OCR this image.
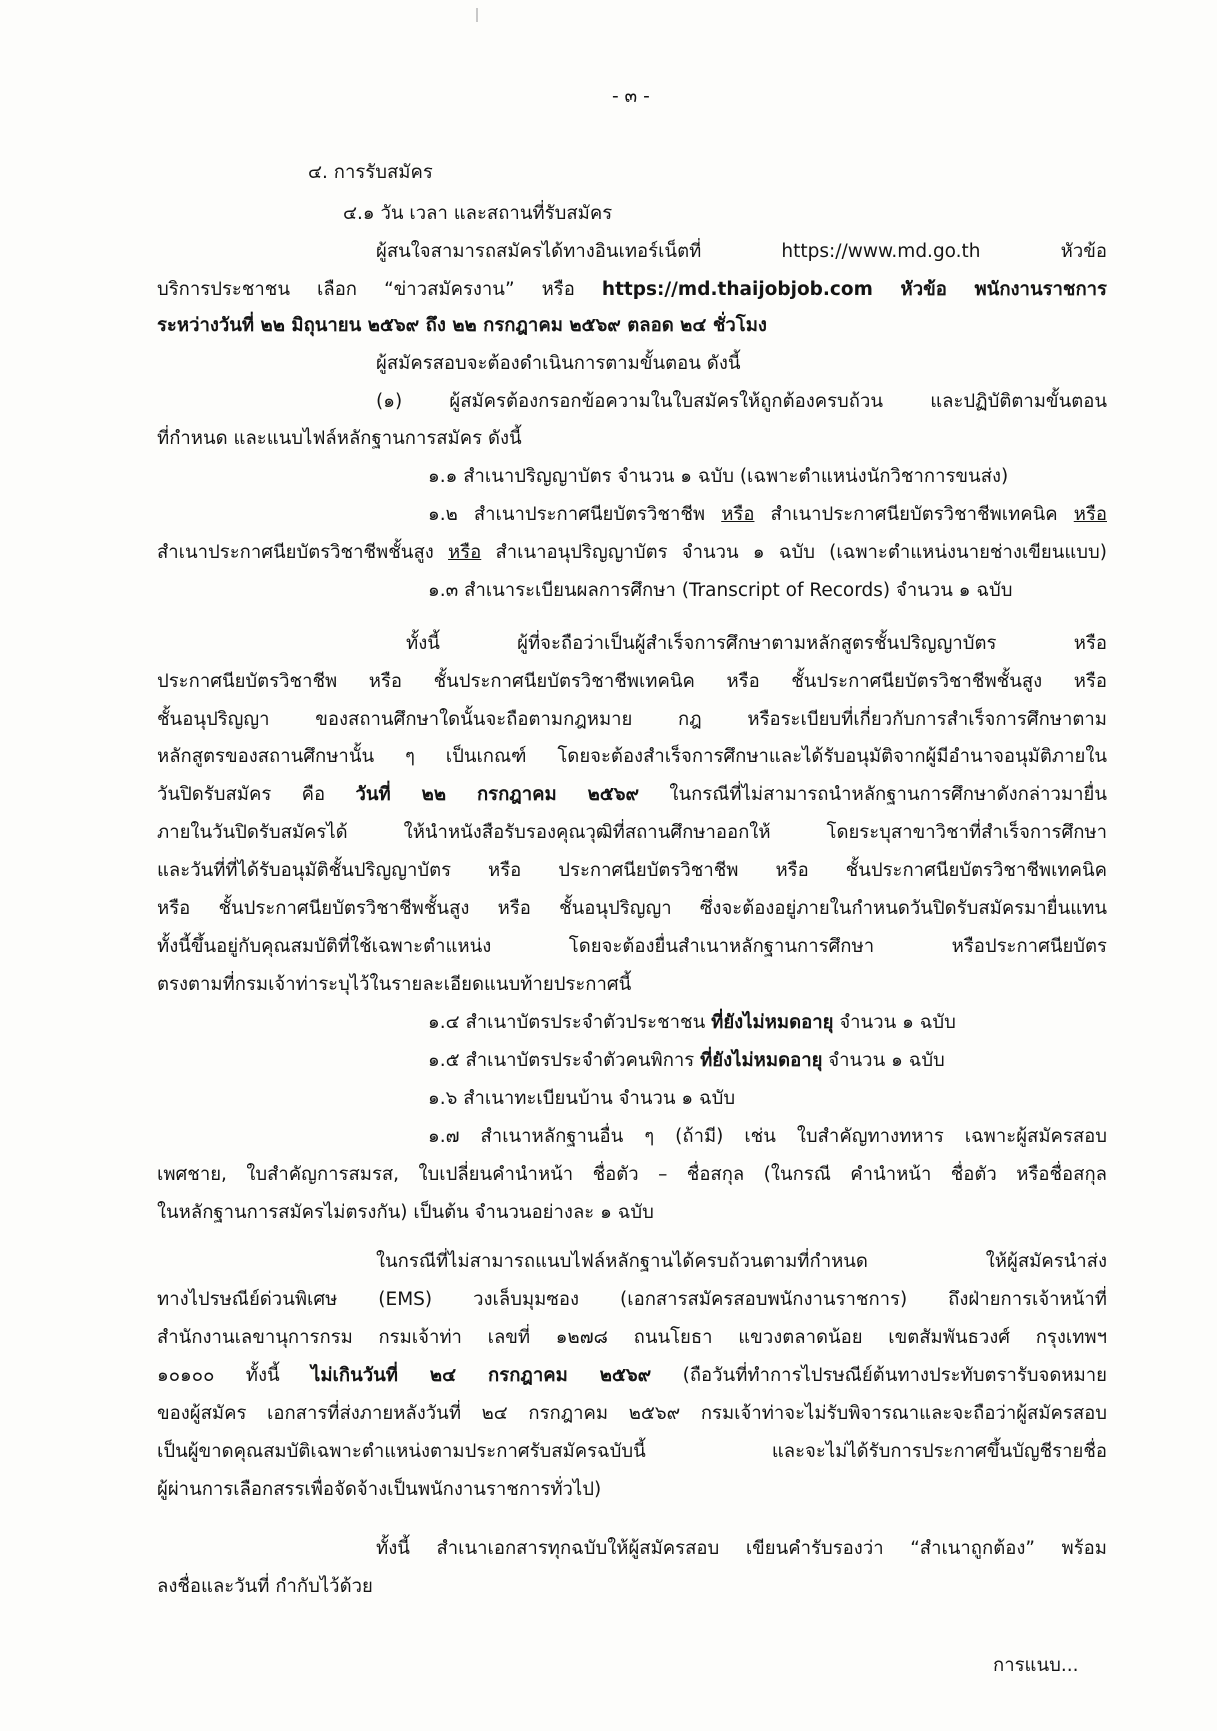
- ๓ -
๔. การรับสมัคร
๔.๑ วัน เวลา และสถานที่รับสมัคร
ผู้สนใจสามารถสมัครได้ทางอินเทอร์เน็ตที่ https://www.md.go.th หัวข้อ
บริการประชาชน เลือก “ข่าวสมัครงาน” หรือ https://md.thaijobjob.com หัวข้อ พนักงานราชการ
ระหว่างวันที่ ๒๒ มิถุนายน ๒๕๖๙ ถึง ๒๒ กรกฎาคม ๒๕๖๙ ตลอด ๒๔ ชั่วโมง
ผู้สมัครสอบจะต้องดำเนินการตามขั้นตอน ดังนี้
(๑) ผู้สมัครต้องกรอกข้อความในใบสมัครให้ถูกต้องครบถ้วน และปฏิบัติตามขั้นตอน
ที่กำหนด และแนบไฟล์หลักฐานการสมัคร ดังนี้
๑.๑ สำเนาปริญญาบัตร จำนวน ๑ ฉบับ (เฉพาะตำแหน่งนักวิชาการขนส่ง)
๑.๒ สำเนาประกาศนียบัตรวิชาชีพ หรือ สำเนาประกาศนียบัตรวิชาชีพเทคนิค หรือ
สำเนาประกาศนียบัตรวิชาชีพชั้นสูง หรือ สำเนาอนุปริญญาบัตร จำนวน ๑ ฉบับ (เฉพาะตำแหน่งนายช่างเขียนแบบ)
๑.๓ สำเนาระเบียนผลการศึกษา (Transcript of Records) จำนวน ๑ ฉบับ
ทั้งนี้ ผู้ที่จะถือว่าเป็นผู้สำเร็จการศึกษาตามหลักสูตรชั้นปริญญาบัตร หรือ
ประกาศนียบัตรวิชาชีพ หรือ ชั้นประกาศนียบัตรวิชาชีพเทคนิค หรือ ชั้นประกาศนียบัตรวิชาชีพชั้นสูง หรือ
ชั้นอนุปริญญา ของสถานศึกษาใดนั้นจะถือตามกฎหมาย กฎ หรือระเบียบที่เกี่ยวกับการสำเร็จการศึกษาตาม
หลักสูตรของสถานศึกษานั้น ๆ เป็นเกณฑ์ โดยจะต้องสำเร็จการศึกษาและได้รับอนุมัติจากผู้มีอำนาจอนุมัติภายใน
วันปิดรับสมัคร คือ วันที่ ๒๒ กรกฎาคม ๒๕๖๙ ในกรณีที่ไม่สามารถนำหลักฐานการศึกษาดังกล่าวมายื่น
ภายในวันปิดรับสมัครได้ ให้นำหนังสือรับรองคุณวุฒิที่สถานศึกษาออกให้ โดยระบุสาขาวิชาที่สำเร็จการศึกษา
และวันที่ที่ได้รับอนุมัติชั้นปริญญาบัตร หรือ ประกาศนียบัตรวิชาชีพ หรือ ชั้นประกาศนียบัตรวิชาชีพเทคนิค
หรือ ชั้นประกาศนียบัตรวิชาชีพชั้นสูง หรือ ชั้นอนุปริญญา ซึ่งจะต้องอยู่ภายในกำหนดวันปิดรับสมัครมายื่นแทน
ทั้งนี้ขึ้นอยู่กับคุณสมบัติที่ใช้เฉพาะตำแหน่ง โดยจะต้องยื่นสำเนาหลักฐานการศึกษา หรือประกาศนียบัตร
ตรงตามที่กรมเจ้าท่าระบุไว้ในรายละเอียดแนบท้ายประกาศนี้
๑.๔ สำเนาบัตรประจำตัวประชาชน ที่ยังไม่หมดอายุ จำนวน ๑ ฉบับ
๑.๕ สำเนาบัตรประจำตัวคนพิการ ที่ยังไม่หมดอายุ จำนวน ๑ ฉบับ
๑.๖ สำเนาทะเบียนบ้าน จำนวน ๑ ฉบับ
๑.๗ สำเนาหลักฐานอื่น ๆ (ถ้ามี) เช่น ใบสำคัญทางทหาร เฉพาะผู้สมัครสอบ
เพศชาย, ใบสำคัญการสมรส, ใบเปลี่ยนคำนำหน้า ชื่อตัว – ชื่อสกุล (ในกรณี คำนำหน้า ชื่อตัว หรือชื่อสกุล
ในหลักฐานการสมัครไม่ตรงกัน) เป็นต้น จำนวนอย่างละ ๑ ฉบับ
ในกรณีที่ไม่สามารถแนบไฟล์หลักฐานได้ครบถ้วนตามที่กำหนด ให้ผู้สมัครนำส่ง
ทางไปรษณีย์ด่วนพิเศษ (EMS) วงเล็บมุมซอง (เอกสารสมัครสอบพนักงานราชการ) ถึงฝ่ายการเจ้าหน้าที่
สำนักงานเลขานุการกรม กรมเจ้าท่า เลขที่ ๑๒๗๘ ถนนโยธา แขวงตลาดน้อย เขตสัมพันธวงศ์ กรุงเทพฯ
๑๐๑๐๐ ทั้งนี้ ไม่เกินวันที่ ๒๔ กรกฎาคม ๒๕๖๙ (ถือวันที่ทำการไปรษณีย์ต้นทางประทับตรารับจดหมาย
ของผู้สมัคร เอกสารที่ส่งภายหลังวันที่ ๒๔ กรกฎาคม ๒๕๖๙ กรมเจ้าท่าจะไม่รับพิจารณาและจะถือว่าผู้สมัครสอบ
เป็นผู้ขาดคุณสมบัติเฉพาะตำแหน่งตามประกาศรับสมัครฉบับนี้ และจะไม่ได้รับการประกาศขึ้นบัญชีรายชื่อ
ผู้ผ่านการเลือกสรรเพื่อจัดจ้างเป็นพนักงานราชการทั่วไป)
ทั้งนี้ สำเนาเอกสารทุกฉบับให้ผู้สมัครสอบ เขียนคำรับรองว่า “สำเนาถูกต้อง” พร้อม
ลงชื่อและวันที่ กำกับไว้ด้วย
การแนบ...
